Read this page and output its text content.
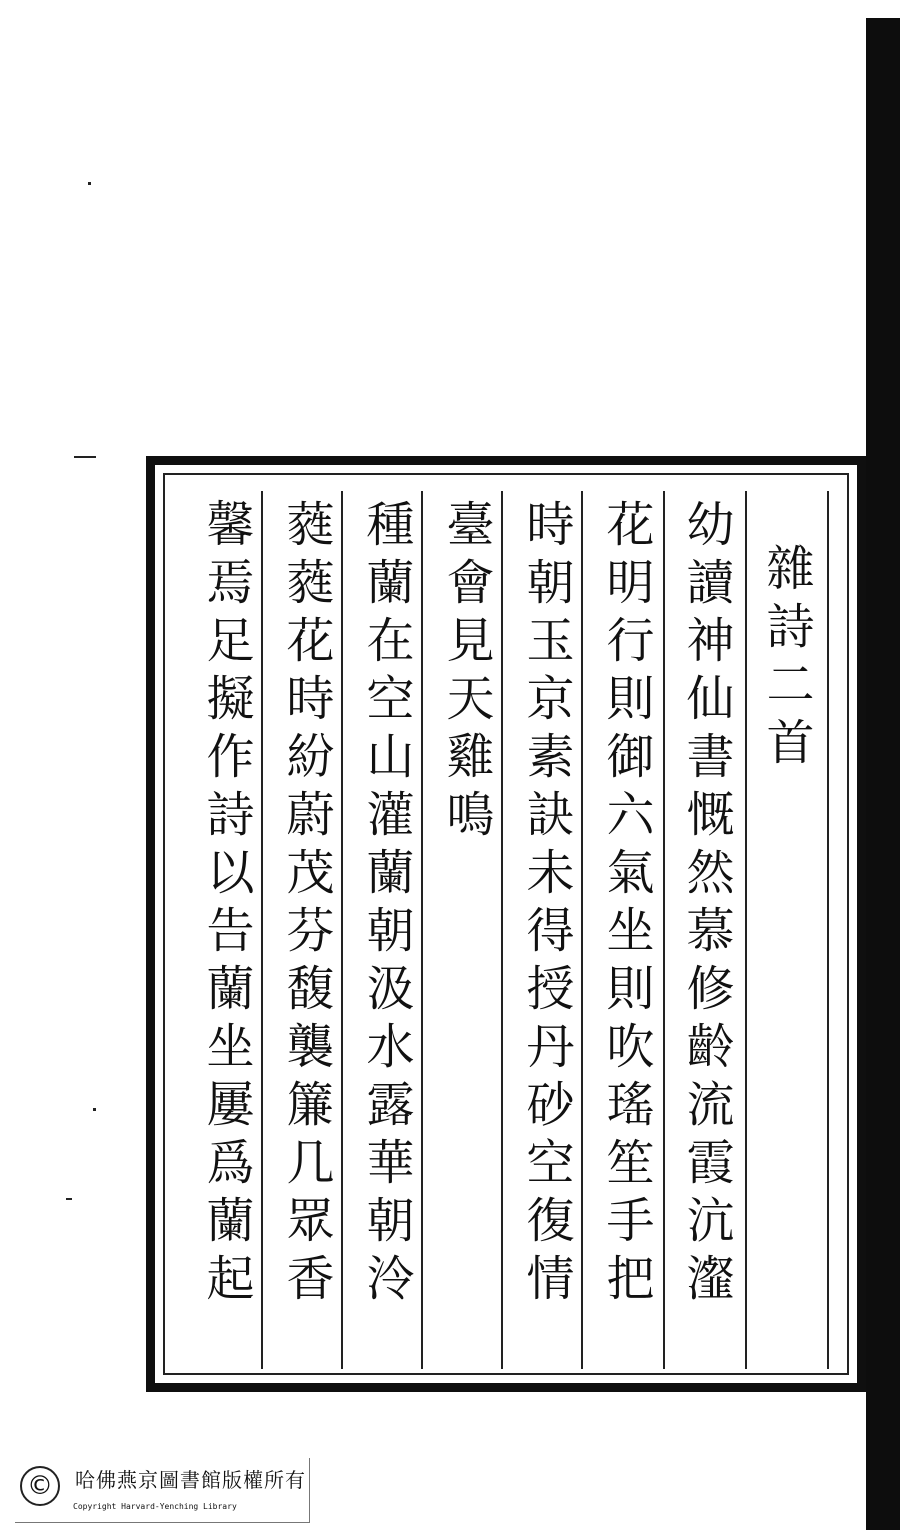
雜詩二首
幼讀神仙書慨然慕修齡流霞沆瀣
花明行則御六氣坐則吹瑤笙手把
時朝玉京素訣未得授丹砂空復情
臺會見天雞鳴
種蘭在空山灌蘭朝汲水露華朝泠
蕤蕤花時紛蔚茂芬馥襲簾几眾香
馨焉足擬作詩以告蘭坐屢爲蘭起
©	哈佛燕京圖書館版權所有
Copyright Harvard-Yenching Library
